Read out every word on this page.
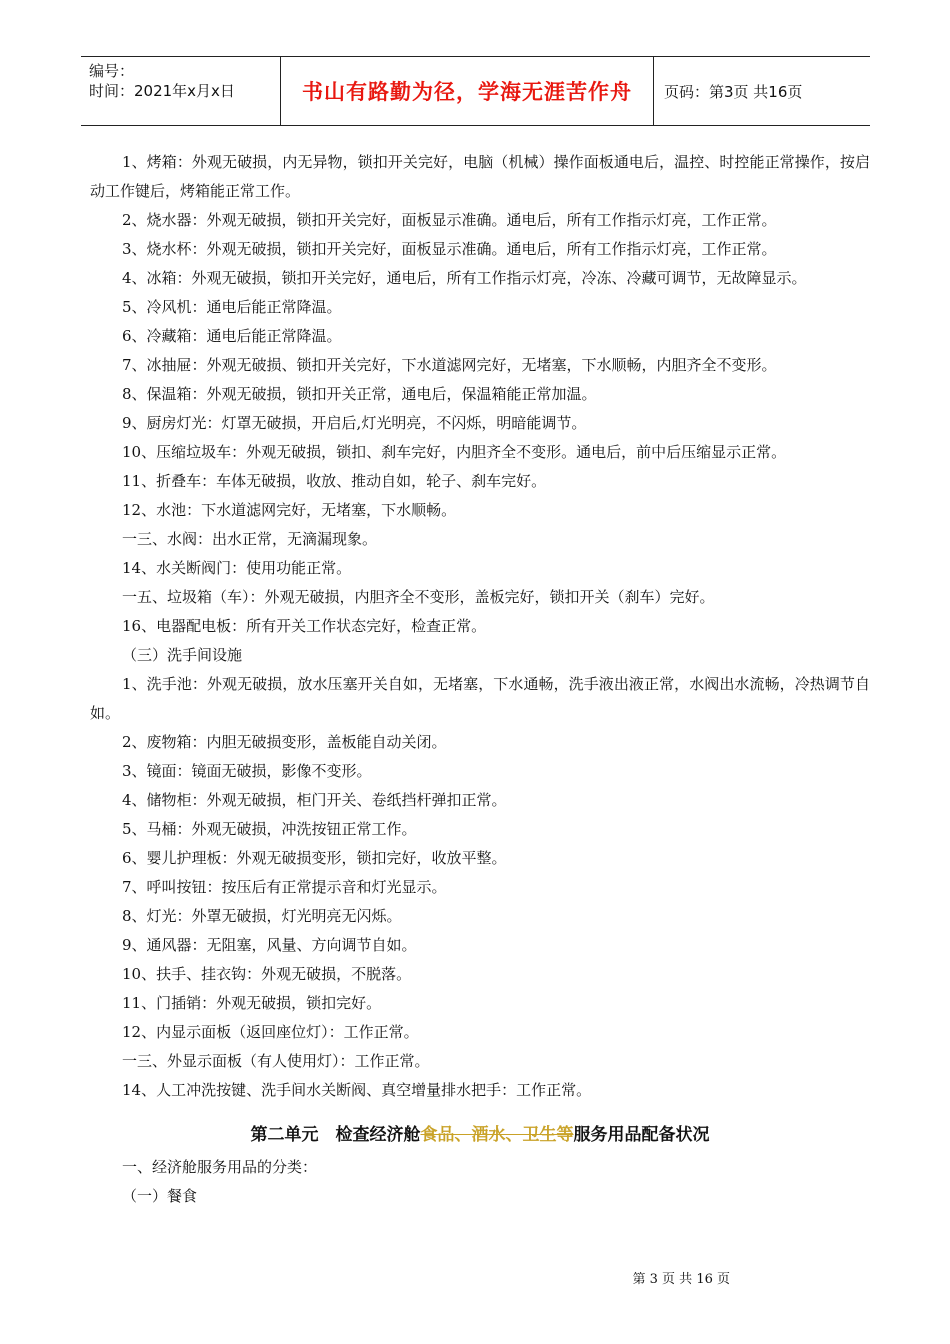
编号：
时间：2021年x月x日	书山有路勤为径，学海无涯苦作舟	页码：第3页 共16页

1、烤箱：外观无破损，内无异物，锁扣开关完好，电脑（机械）操作面板通电后，温控、时控能正常操作，按启动工作键后，烤箱能正常工作。

2、烧水器：外观无破损，锁扣开关完好，面板显示准确。通电后，所有工作指示灯亮，工作正常。

3、烧水杯：外观无破损，锁扣开关完好，面板显示准确。通电后，所有工作指示灯亮，工作正常。

4、冰箱：外观无破损，锁扣开关完好，通电后，所有工作指示灯亮，冷冻、冷藏可调节，无故障显示。

5、冷风机：通电后能正常降温。

6、冷藏箱：通电后能正常降温。

7、冰抽屉：外观无破损、锁扣开关完好，下水道滤网完好，无堵塞，下水顺畅，内胆齐全不变形。

8、保温箱：外观无破损，锁扣开关正常，通电后，保温箱能正常加温。

9、厨房灯光：灯罩无破损，开启后,灯光明亮，不闪烁，明暗能调节。

10、压缩垃圾车：外观无破损，锁扣、刹车完好，内胆齐全不变形。通电后，前中后压缩显示正常。

11、折叠车：车体无破损，收放、推动自如，轮子、刹车完好。

12、水池：下水道滤网完好，无堵塞，下水顺畅。

一三、水阀：出水正常，无滴漏现象。

14、水关断阀门：使用功能正常。

一五、垃圾箱（车）：外观无破损，内胆齐全不变形，盖板完好，锁扣开关（刹车）完好。

16、电器配电板：所有开关工作状态完好，检查正常。

（三）洗手间设施

1、洗手池：外观无破损，放水压塞开关自如，无堵塞，下水通畅，洗手液出液正常，水阀出水流畅，冷热调节自如。

2、废物箱：内胆无破损变形，盖板能自动关闭。

3、镜面：镜面无破损，影像不变形。

4、储物柜：外观无破损，柜门开关、卷纸挡杆弹扣正常。

5、马桶：外观无破损，冲洗按钮正常工作。

6、婴儿护理板：外观无破损变形，锁扣完好，收放平整。

7、呼叫按钮：按压后有正常提示音和灯光显示。

8、灯光：外罩无破损，灯光明亮无闪烁。

9、通风器：无阻塞，风量、方向调节自如。

10、扶手、挂衣钩：外观无破损，不脱落。

11、门插销：外观无破损，锁扣完好。

12、内显示面板（返回座位灯）：工作正常。

一三、外显示面板（有人使用灯）：工作正常。

14、人工冲洗按键、洗手间水关断阀、真空增量排水把手：工作正常。

第二单元　检查经济舱食品、酒水、卫生等服务用品配备状况

一、经济舱服务用品的分类：

（一）餐食

第 3 页 共 16 页
